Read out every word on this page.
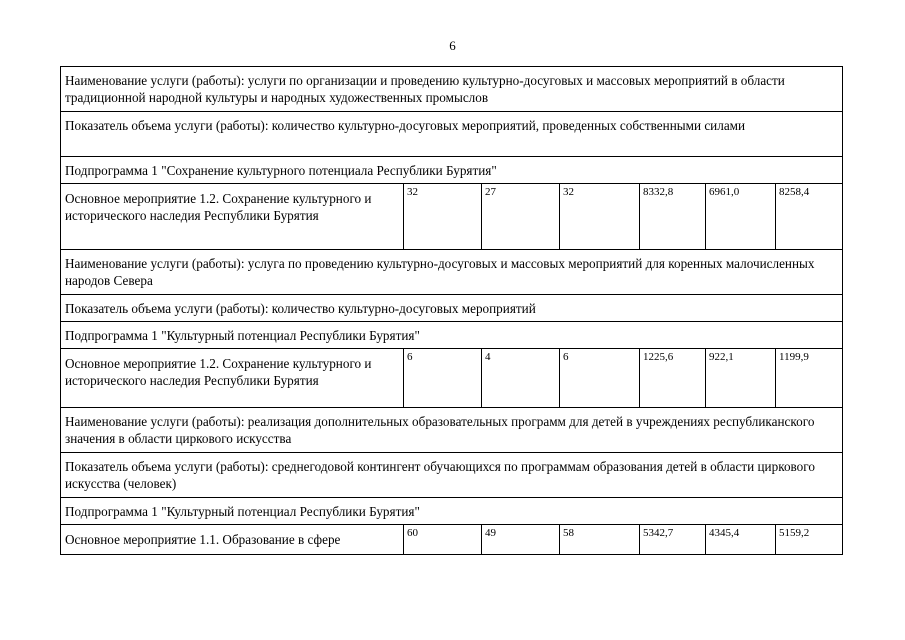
6
Наименование услуги (работы): услуги по организации и проведению культурно-досуговых и массовых мероприятий в области традиционной народной культуры и народных художественных промыслов						
Показатель объема услуги (работы): количество культурно-досуговых мероприятий, проведенных собственными силами						
Подпрограмма 1 "Сохранение культурного потенциала Республики Бурятия"						
Основное мероприятие 1.2. Сохранение культурного и исторического наследия Республики Бурятия	32	27	32	8332,8	6961,0	8258,4
Наименование услуги (работы): услуга по проведению культурно-досуговых и массовых мероприятий для коренных малочисленных народов Севера						
Показатель объема услуги (работы): количество культурно-досуговых мероприятий						
Подпрограмма 1 "Культурный потенциал Республики Бурятия"						
Основное мероприятие 1.2. Сохранение культурного и исторического наследия Республики Бурятия	6	4	6	1225,6	922,1	1199,9
Наименование услуги (работы): реализация дополнительных образовательных программ для детей в учреждениях республиканского значения в области циркового искусства						
Показатель объема услуги (работы): среднегодовой контингент обучающихся по программам образования детей в области циркового искусства (человек)						
Подпрограмма 1 "Культурный потенциал Республики Бурятия"						
Основное мероприятие 1.1. Образование в сфере	60	49	58	5342,7	4345,4	5159,2
